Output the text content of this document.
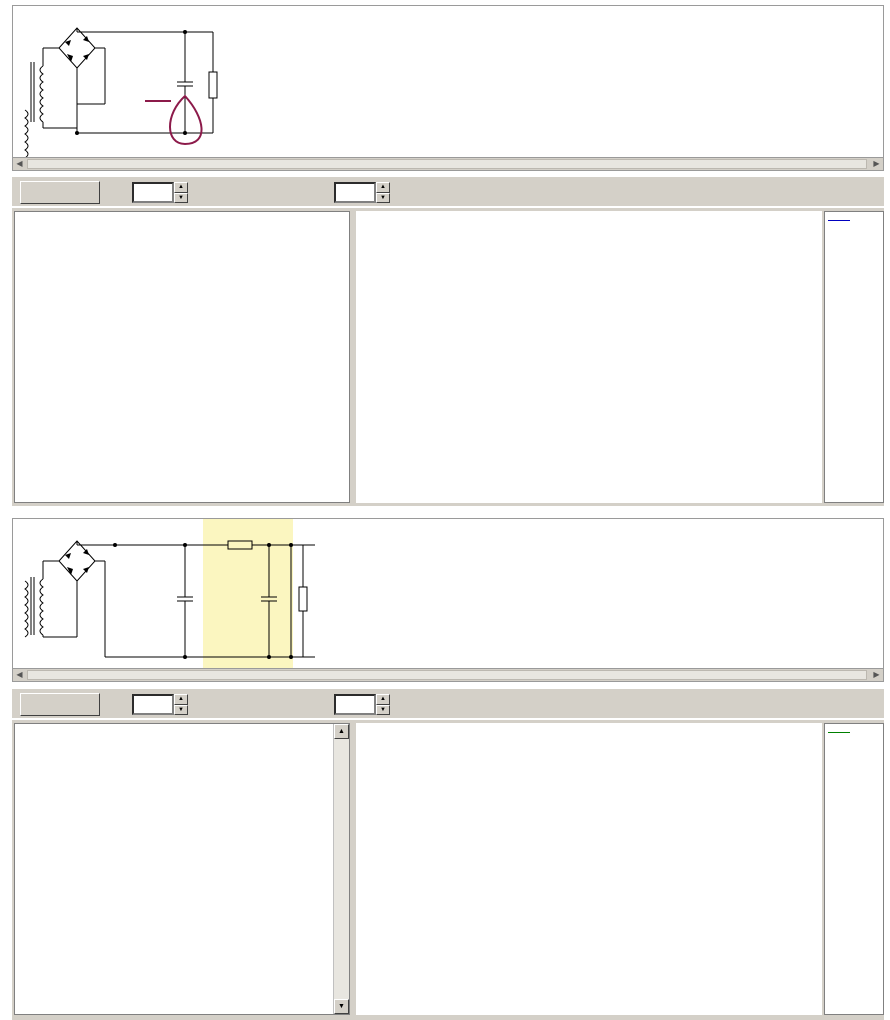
◀	▶
▲
▼
▲
▼
◀	▶
▲
▼
▲
▼
▲
▼
